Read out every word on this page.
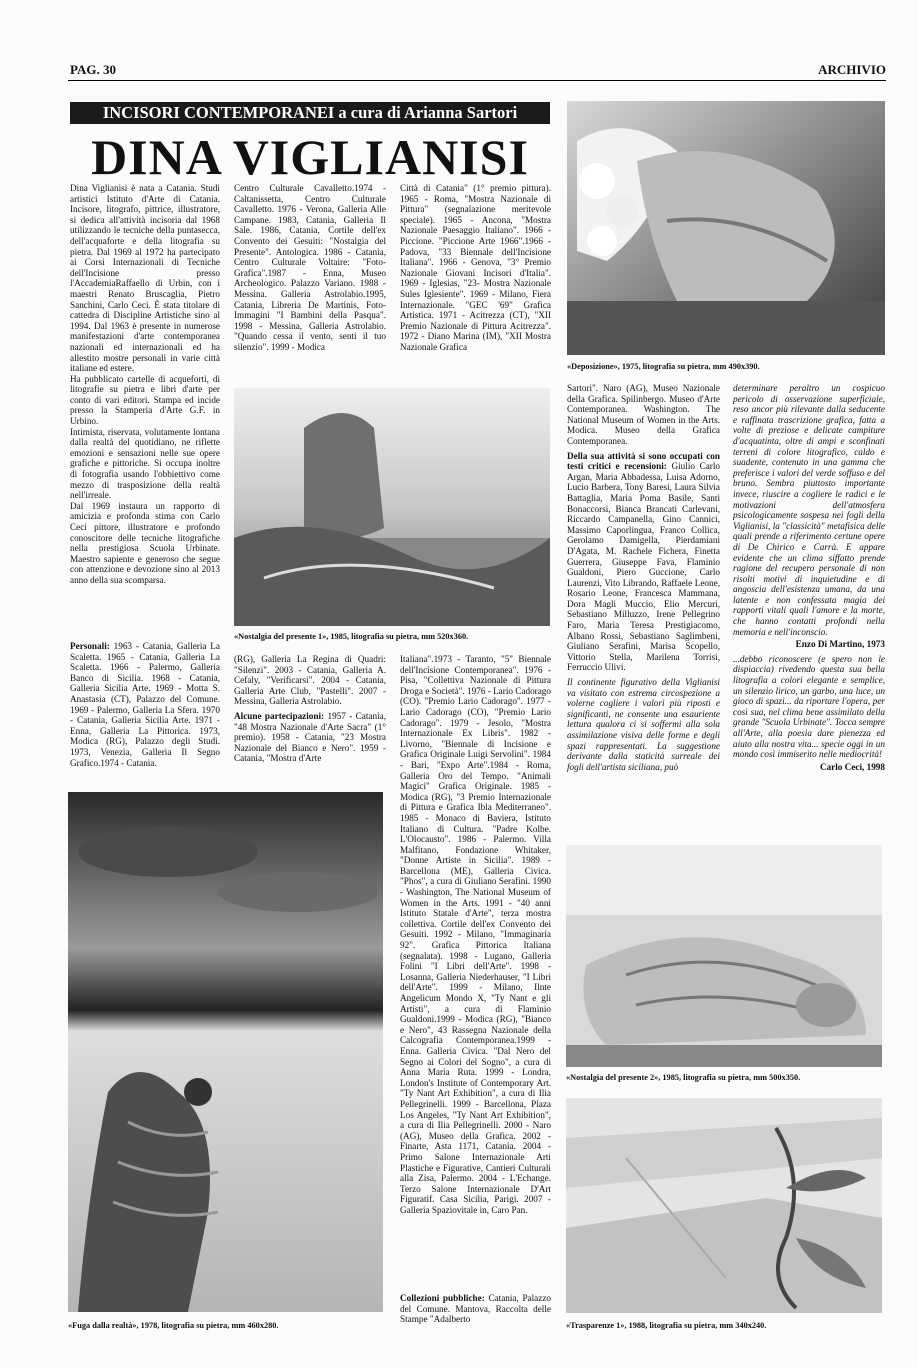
PAG. 30	ARCHIVIO
INCISORI CONTEMPORANEI a cura di Arianna Sartori
DINA VIGLIANISI

Dina Viglianisi è nata a Catania. Studi artistici Istituto d'Arte di Catania. Incisore, litografo, pittrice, illustratore, si dedica all'attività incisoria dal 1968 utilizzando le tecniche della puntasecca, dell'acquaforte e della litografia su pietra. Dal 1969 al 1972 ha partecipato ai Corsi Internazionali di Tecniche dell'Incisione presso l'AccademiaRaffaello di Urbin, con i maestri Renato Bruscaglia, Pietro Sanchini, Carlo Ceci. È stata titolare di cattedra di Discipline Artistiche sino al 1994. Dal 1963 è presente in numerose manifestazioni d'arte contemporanea nazionali ed internazionali ed ha allestito mostre personali in varie città italiane ed estere.

Ha pubblicato cartelle di acqueforti, di litografie su pietra e libri d'arte per conto di vari editori. Stampa ed incide presso la Stamperia d'Arte G.F. in Urbino.

Intimista, riservata, volutamente lontana dalla realtà del quotidiano, ne riflette emozioni e sensazioni nelle sue opere grafiche e pittoriche. Si occupa inoltre di fotografia usando l'obbiettivo come mezzo di trasposizione della realtà nell'irreale.

Dal 1969 instaura un rapporto di amicizia e profonda stima con Carlo Ceci pittore, illustratore e profondo conoscitore delle tecniche litografiche nella prestigiosa Scuola Urbinate. Maestro sapiente e generoso che segue con attenzione e devozione sino al 2013 anno della sua scomparsa.

Centro Culturale Cavalletto.1974 - Caltanissetta, Centro Culturale Cavalletto. 1976 - Verona, Galleria Alle Campane. 1983, Catania, Galleria Il Sale. 1986, Catania, Cortile dell'ex Convento dei Gesuiti: "Nostalgia del Presente". Antologica. 1986 - Catania, Centro Culturale Voltaire: "Foto-Grafica".1987 - Enna, Museo Archeologico. Palazzo Variano. 1988 - Messina. Galleria Astrolabio.1995, Catania, Libreria De Martinis, Foto-Immagini "I Bambini della Pasqua". 1998 - Messina, Galleria Astrolabio. "Quando cessa il vento, senti il tuo silenzio". 1999 - Modica

Città di Catania" (1° premio pittura). 1965 - Roma, "Mostra Nazionale di Pittura" (segnalazione meritevole speciale). 1965 - Ancona, "Mostra Nazionale Paesaggio Italiano". 1966 - Piccione. "Piccione Arte 1966".1966 - Padova, "33 Biennale dell'Incisione Italiana". 1966 - Genova, "3° Premio Nazionale Giovani Incisori d'Italia". 1969 - Iglesias, "23- Mostra Nazionale Sules Iglesiente". 1969 - Milano, Fiera Internazionale. "GEC '69" Grafica Artistica. 1971 - Acitrezza (CT), "XII Premio Nazionale di Pittura Acitrezza". 1972 - Diano Marina (IM), "XII Mostra Nazionale Grafica

«Nostalgia del presente 1», 1985, litografia su pietra, mm 520x360.

Personali: 1963 - Catania, Galleria La Scaletta. 1965 - Catania, Galleria La Scaletta. 1966 - Palermo, Galleria Banco di Sicilia. 1968 - Catania, Galleria Sicilia Arte. 1969 - Motta S. Anastasia (CT), Palazzo del Comune. 1969 - Palermo, Galleria La Sfera. 1970 - Catania, Galleria Sicilia Arte. 1971 - Enna, Galleria La Pittorica. 1973, Modica (RG), Palazzo degli Studi. 1973, Venezia, Galleria Il Segno Grafico.1974 - Catania.

(RG), Galleria La Regina di Quadri: "Silenzi". 2003 - Catania, Galleria A. Cefaly, "Verificarsi". 2004 - Catania, Galleria Arte Club, "Pastelli". 2007 - Messina, Galleria Astrolabio.

Alcune partecipazioni: 1957 - Catania, "48 Mostra Nazionale d'Arte Sacra" (1° premio). 1958 - Catania, "23 Mostra Nazionale del Bianco e Nero". 1959 - Catania, "Mostra d'Arte

Italiana".1973 - Taranto, "5" Biennale dell'Incisione Contemporanea". 1976 - Pisa, "Collettiva Nazionale di Pittura Droga e Società". 1976 - Lario Cadorago (CO). "Premio Lario Cadorago". 1977 - Lario Cadorago (CO), "Premio Lario Cadorago". 1979 - Jesolo, "Mostra Internazionale Ex Libris". 1982 - Livorno, "Biennale di Incisione e Grafica Originale Luigi Servolini". 1984 - Bari, "Expo Arte".1984 - Roma, Galleria Oro del Tempo. "Animali Magici" Grafica Originale. 1985 - Modica (RG), "3 Premio Internazionale di Pittura e Grafica Ibla Mediterraneo". 1985 - Monaco di Baviera, Istituto Italiano di Cultura. "Padre Kolbe. L'Olocausto". 1986 - Palermo. Villa Malfitano, Fondazione Whitaker, "Donne Artiste in Sicilia". 1989 - Barcellona (ME), Galleria Civica. "Phos", a cura di Giuliano Serafini. 1990 - Washington, The National Museum of Women in the Arts. 1991 - "40 anni Istituto Statale d'Arte", terza mostra collettiva. Cortile dell'ex Convento dei Gesuiti. 1992 - Milano, "Immaginaria 92". Grafica Pittorica Italiana (segnalata). 1998 - Lugano, Galleria Folini "I Libri dell'Arte". 1998 - Losanna, Galleria Niederhauser, "I Libri dell'Arte". 1999 - Milano, Ilnte Angelicum Mondo X, "Ty Nant e gli Artisti", a cura di Flaminio Gualdoni.1999 - Modica (RG), "Bianco e Nero", 43 Rassegna Nazionale della Calcografia Contemporanea.1999 - Enna. Galleria Civica. "Dal Nero del Segno ai Colori del Sogno", a cura di Anna Maria Ruta. 1999 - Londra, London's Institute of Contemporary Art. "Ty Nant Art Exhibition", a cura di Ilia Pellegrinelli. 1999 - Barcellona, Plaza Los Angeles, "Ty Nant Art Exhibition", a cura di Ilia Pellegrinelli. 2000 - Naro (AG), Museo della Grafica. 2002 - Finarte, Asta 1171, Catania. 2004 - Primo Salone Internazionale Arti Plastiche e Figurative, Cantieri Culturali alla Zisa, Palermo. 2004 - L'Echange. Terzo Salone Internazionale D'Art Figuratif. Casa Sicilia, Parigi. 2007 - Galleria Spaziovitale in, Caro Pan.

Collezioni pubbliche: Catania, Palazzo del Comune. Mantova, Raccolta delle Stampe "Adalberto

«Fuga dalla realtà», 1978, litografia su pietra, mm 460x280.
«Deposizione», 1975, litografia su pietra, mm 490x390.

Sartori". Naro (AG), Museo Nazionale della Grafica. Spilinbergo. Museo d'Arte Contemporanea. Washington. The National Museum of Women in the Arts. Modica. Museo della Grafica Contemporanea.

Della sua attività si sono occupati con testi critici e recensioni: Giulio Carlo Argan, Maria Abbadessa, Luisa Adorno, Lucio Barbera, Tony Baresi, Laura Silvia Battaglia, Maria Poma Basile, Santi Bonaccorsi, Bianca Brancati Carlevani, Riccardo Campanella, Gino Cannici, Massimo Caporlingua, Franco Collica, Gerolamo Damigella, Pierdamiani D'Agata, M. Rachele Fichera, Finetta Guerrera, Giuseppe Fava, Flaminio Gualdoni, Piero Guccione, Carlo Laurenzi, Vito Librando, Raffaele Leone, Rosario Leone, Francesca Mammana, Dora Magli Muccio, Elio Mercuri, Sebastiano Milluzzo, Irene Pellegrino Faro, Maria Teresa Prestigiacomo, Albano Rossi, Sebastiano Saglimbeni, Giuliano Serafini, Marisa Scopello, Vittorio Stella, Marilena Torrisi, Ferruccio Ulivi.

Il continente figurativo della Viglianisi va visitato con estrema circospezione a volerne cogliere i valori più riposti e significanti, ne consente una esauriente lettura qualora ci si soffermi alla sola assimilazione visiva delle forme e degli spazi rappresentati. La suggestione derivante dalla staticità surreale dei fogli dell'artista siciliana, può

determinare peraltro un cospicuo pericolo di osservazione superficiale, reso ancor più rilevante dalla seducente e raffinata trascrizione grafica, fatta a volte di preziose e delicate campiture d'acquatinta, oltre di ampi e sconfinati terreni di colore litografico, caldo e suadente, contenuto in una gamma che preferisce i valori del verde soffuso e del bruno. Sembra piuttosto importante invece, riuscire a cogliere le radici e le motivazioni dell'atmosfera psicologicamente sospesa nei fogli della Viglianisi, la "classicità" metafisica delle quali prende a riferimento certune opere di De Chirico e Carrà. E appare evidente che un clima siffatto prende ragione del recupero personale di non risolti motivi di inquietudine e di angoscia dell'esistenza umana, da una latente e non confessata magia dei rapporti vitali quali l'amore e la morte, che hanno contatti profondi nella memoria e nell'inconscio.

Enzo Di Martino, 1973

...debbo riconoscere (e spero non le dispiaccia) rivedendo questa sua bella litografia a colori elegante e semplice, un silenzio lirico, un garbo, una luce, un gioco di spazi... da riportare l'opera, per così sua, nel clima bene assimilato della grande "Scuola Urbinate". Tocca sempre all'Arte, alla poesia dare pienezza ed aiuto alla nostra vita... specie oggi in un mondo così immiserito nelle mediocrità!

Carlo Ceci, 1998

«Nostalgia del presente 2», 1985, litografia su pietra, mm 500x350.
«Trasparenze 1», 1988, litografia su pietra, mm 340x240.
